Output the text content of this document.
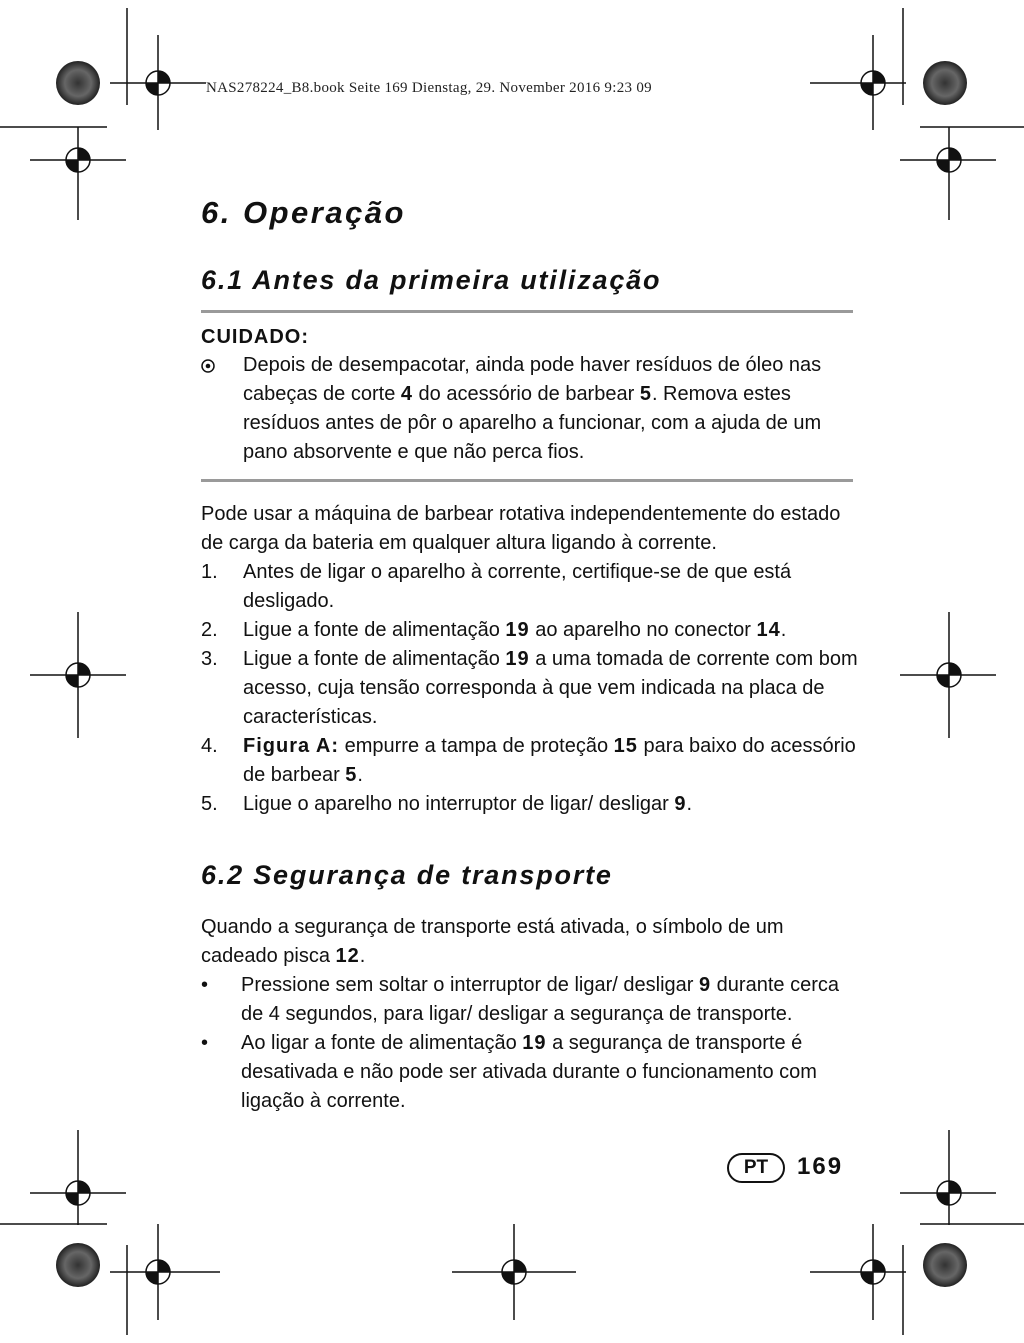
NAS278224_B8.book Seite 169 Dienstag, 29. November 2016 9:23 09
6. Operação
6.1 Antes da primeira utilização
CUIDADO:
Depois de desempacotar, ainda pode haver resíduos de óleo nas cabeças de corte 4 do acessório de barbear 5. Remova estes resíduos antes de pôr o aparelho a funcionar, com a ajuda de um pano absorvente e que não perca fios.

Pode usar a máquina de barbear rotativa independentemente do estado de carga da bateria em qualquer altura ligando à corrente.

1. Antes de ligar o aparelho à corrente, certifique-se de que está desligado.
2. Ligue a fonte de alimentação 19 ao aparelho no conector 14.
3. Ligue a fonte de alimentação 19 a uma tomada de corrente com bom acesso, cuja tensão corresponda à que vem indicada na placa de características.
4. Figura A: empurre a tampa de proteção 15 para baixo do acessório de barbear 5.
5. Ligue o aparelho no interruptor de ligar/ desligar 9.
6.2 Segurança de transporte

Quando a segurança de transporte está ativada, o símbolo de um cadeado pisca 12.

• Pressione sem soltar o interruptor de ligar/ desligar 9 durante cerca de 4 segundos, para ligar/ desligar a segurança de transporte.
• Ao ligar a fonte de alimentação 19 a segurança de transporte é desativada e não pode ser ativada durante o funcionamento com ligação à corrente.
PT	169
